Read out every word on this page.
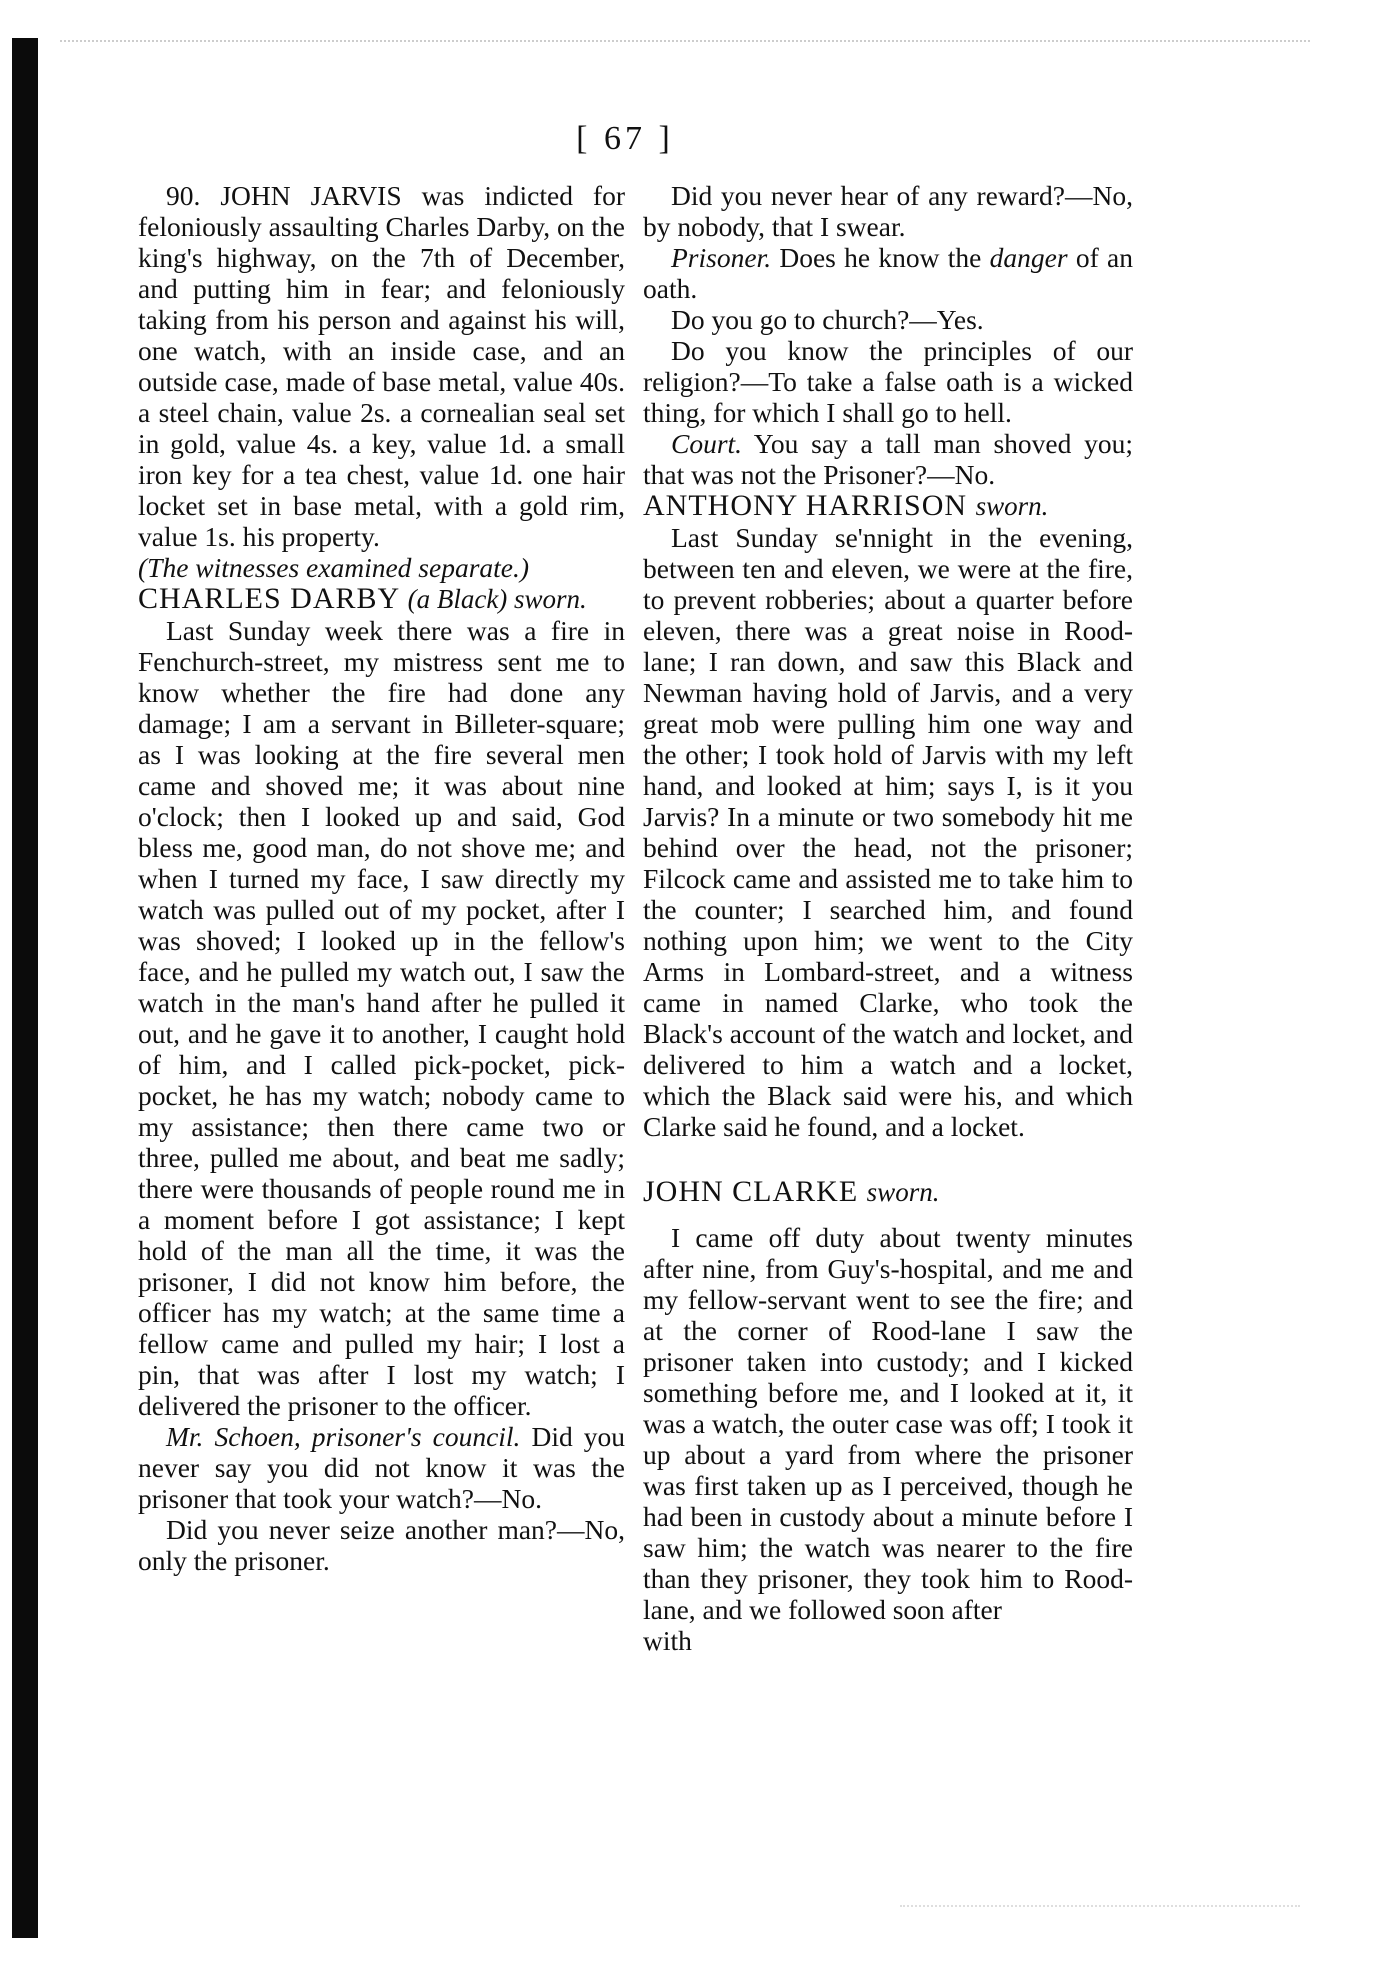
[ 67 ]

90. JOHN JARVIS was indicted for feloniously assaulting Charles Darby, on the king's highway, on the 7th of December, and putting him in fear; and feloniously taking from his person and against his will, one watch, with an inside case, and an outside case, made of base metal, value 40s. a steel chain, value 2s. a cornealian seal set in gold, value 4s. a key, value 1d. a small iron key for a tea chest, value 1d. one hair locket set in base metal, with a gold rim, value 1s. his property.

(The witnesses examined separate.)

CHARLES DARBY (a Black) sworn.

Last Sunday week there was a fire in Fenchurch-street, my mistress sent me to know whether the fire had done any damage; I am a servant in Billeter-square; as I was looking at the fire several men came and shoved me; it was about nine o'clock; then I looked up and said, God bless me, good man, do not shove me; and when I turned my face, I saw directly my watch was pulled out of my pocket, after I was shoved; I looked up in the fellow's face, and he pulled my watch out, I saw the watch in the man's hand after he pulled it out, and he gave it to another, I caught hold of him, and I called pick-pocket, pick-pocket, he has my watch; nobody came to my assistance; then there came two or three, pulled me about, and beat me sadly; there were thousands of people round me in a moment before I got assistance; I kept hold of the man all the time, it was the prisoner, I did not know him before, the officer has my watch; at the same time a fellow came and pulled my hair; I lost a pin, that was after I lost my watch; I delivered the prisoner to the officer.

Mr. Schoen, prisoner's council. Did you never say you did not know it was the prisoner that took your watch?—No.

Did you never seize another man?—No, only the prisoner.

Did you never hear of any reward?—No, by nobody, that I swear.

Prisoner. Does he know the danger of an oath.

Do you go to church?—Yes.

Do you know the principles of our religion?—To take a false oath is a wicked thing, for which I shall go to hell.

Court. You say a tall man shoved you; that was not the Prisoner?—No.

ANTHONY HARRISON sworn.

Last Sunday se'nnight in the evening, between ten and eleven, we were at the fire, to prevent robberies; about a quarter before eleven, there was a great noise in Rood-lane; I ran down, and saw this Black and Newman having hold of Jarvis, and a very great mob were pulling him one way and the other; I took hold of Jarvis with my left hand, and looked at him; says I, is it you Jarvis? In a minute or two somebody hit me behind over the head, not the prisoner; Filcock came and assisted me to take him to the counter; I searched him, and found nothing upon him; we went to the City Arms in Lombard-street, and a witness came in named Clarke, who took the Black's account of the watch and locket, and delivered to him a watch and a locket, which the Black said were his, and which Clarke said he found, and a locket.

JOHN CLARKE sworn.

I came off duty about twenty minutes after nine, from Guy's-hospital, and me and my fellow-servant went to see the fire; and at the corner of Rood-lane I saw the prisoner taken into custody; and I kicked something before me, and I looked at it, it was a watch, the outer case was off; I took it up about a yard from where the prisoner was first taken up as I perceived, though he had been in custody about a minute before I saw him; the watch was nearer to the fire than they prisoner, they took him to Rood-lane, and we followed soon after

with
